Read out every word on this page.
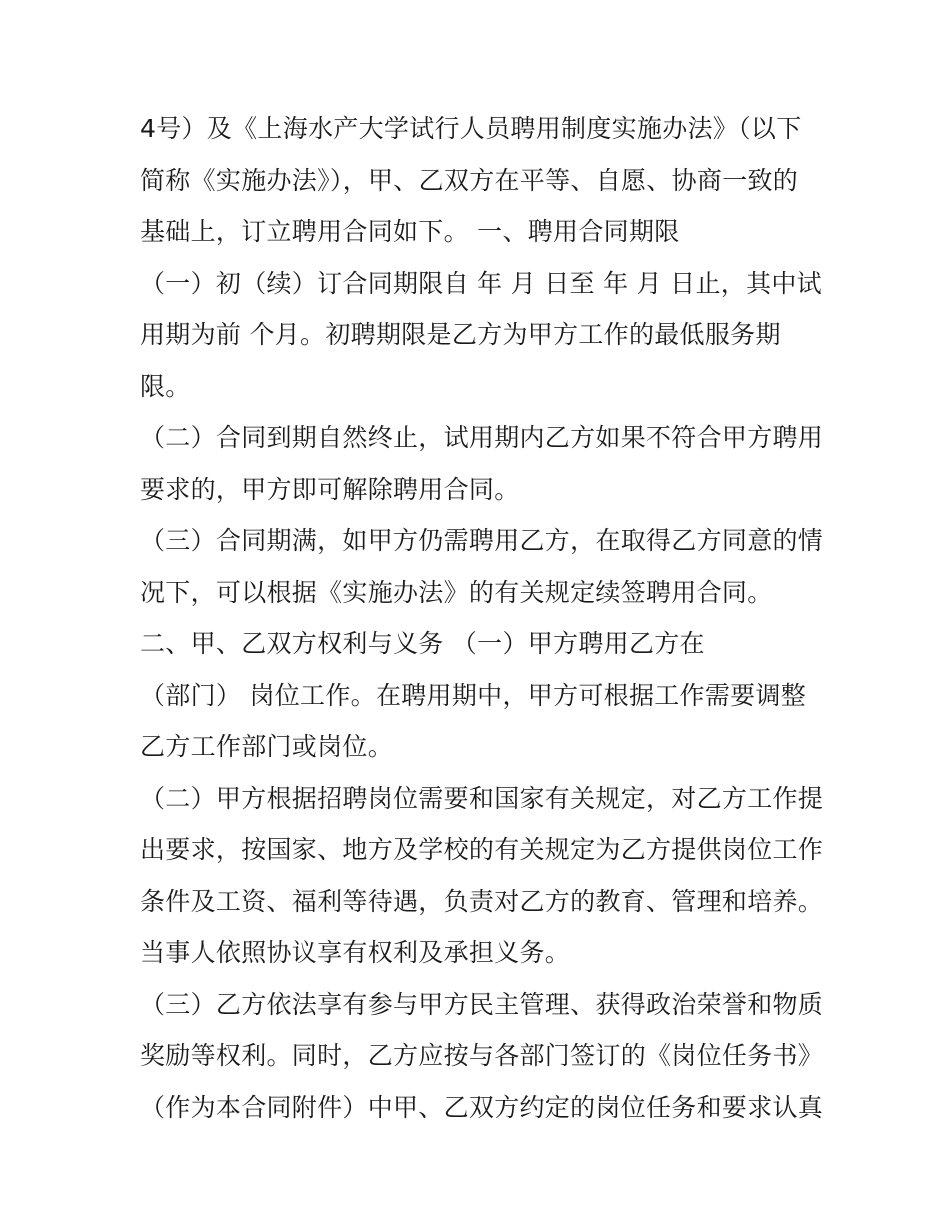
4号）及《上海水产大学试行人员聘用制度实施办法》（以下
简称《实施办法》），甲、乙双方在平等、自愿、协商一致的
基础上，订立聘用合同如下。 一、聘用合同期限
（一）初（续）订合同期限自 年 月 日至 年 月 日止，其中试
用期为前 个月。初聘期限是乙方为甲方工作的最低服务期
限。
（二）合同到期自然终止，试用期内乙方如果不符合甲方聘用
要求的，甲方即可解除聘用合同。
（三）合同期满，如甲方仍需聘用乙方，在取得乙方同意的情
况下，可以根据《实施办法》的有关规定续签聘用合同。
二、甲、乙双方权利与义务 （一）甲方聘用乙方在
（部门） 岗位工作。在聘用期中，甲方可根据工作需要调整
乙方工作部门或岗位。
（二）甲方根据招聘岗位需要和国家有关规定，对乙方工作提
出要求，按国家、地方及学校的有关规定为乙方提供岗位工作
条件及工资、福利等待遇，负责对乙方的教育、管理和培养。
当事人依照协议享有权利及承担义务。
（三）乙方依法享有参与甲方民主管理、获得政治荣誉和物质
奖励等权利。同时，乙方应按与各部门签订的《岗位任务书》
（作为本合同附件）中甲、乙双方约定的岗位任务和要求认真
